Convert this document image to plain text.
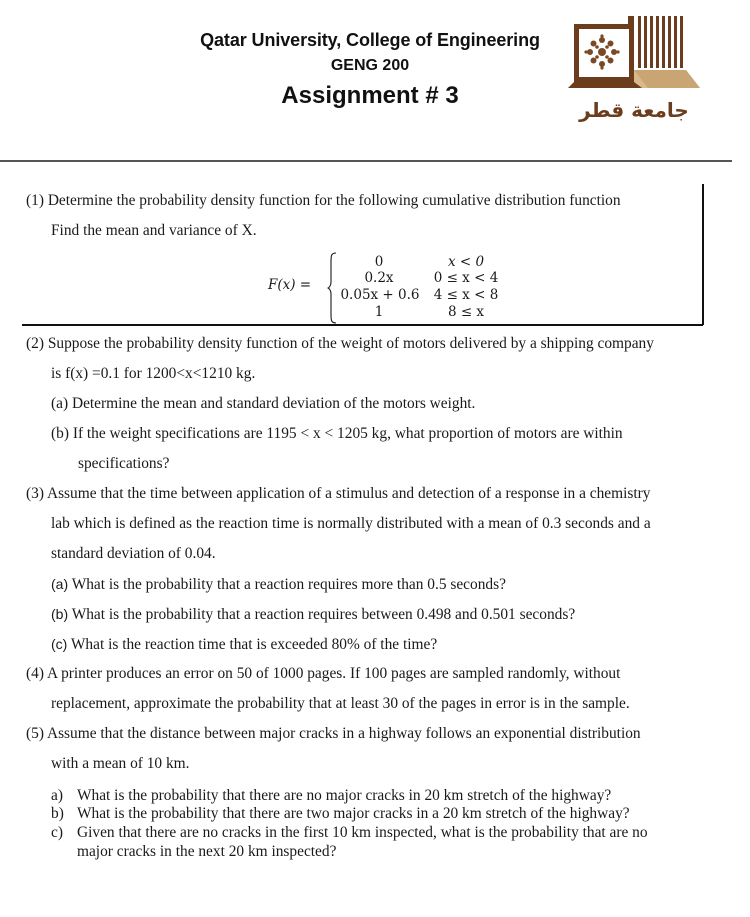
Qatar University, College of Engineering
GENG 200
Assignment # 3
جامعة قطر
(1) Determine the probability density function for the following cumulative distribution function
Find the mean and variance of X.
F(x) =
0	x < 0
0.2x	0 ≤ x < 4
0.05x + 0.6	4 ≤ x < 8
1	8 ≤ x
(2) Suppose the probability density function of the weight of motors delivered by a shipping company
is f(x) =0.1 for 1200<x<1210 kg.
(a) Determine the mean and standard deviation of the motors weight.
(b) If the weight specifications are 1195 < x < 1205 kg, what proportion of motors are within
specifications?
(3) Assume that the time between application of a stimulus and detection of a response in a chemistry
lab which is defined as the reaction time is normally distributed with a mean of 0.3 seconds and a
standard deviation of 0.04.
(a) What is the probability that a reaction requires more than 0.5 seconds?
(b) What is the probability that a reaction requires between 0.498 and 0.501 seconds?
(c) What is the reaction time that is exceeded 80% of the time?
(4) A printer produces an error on 50 of 1000 pages. If 100 pages are sampled randomly, without
replacement, approximate the probability that at least 30 of the pages in error is in the sample.
(5) Assume that the distance between major cracks in a highway follows an exponential distribution
with a mean of 10 km.
a) What is the probability that there are no major cracks in 20 km stretch of the highway?
b) What is the probability that there are two major cracks in a 20 km stretch of the highway?
c) Given that there are no cracks in the first 10 km inspected, what is the probability that are no
major cracks in the next 20 km inspected?
